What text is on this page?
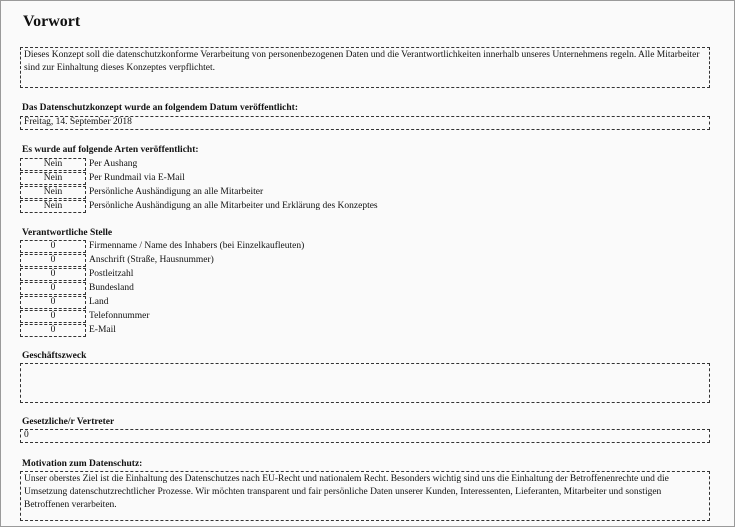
Vorwort
Dieses Konzept soll die datenschutzkonforme Verarbeitung von personenbezogenen Daten und die Verantwortlichkeiten innerhalb unseres Unternehmens regeln. Alle Mitarbeiter sind zur Einhaltung dieses Konzeptes verpflichtet.
Das Datenschutzkonzept wurde an folgendem Datum veröffentlicht:
Freitag, 14. September 2018
Es wurde auf folgende Arten veröffentlicht:
Nein	Per Aushang
Nein	Per Rundmail via E-Mail
Nein	Persönliche Aushändigung an alle Mitarbeiter
Nein	Persönliche Aushändigung an alle Mitarbeiter und Erklärung des Konzeptes
Verantwortliche Stelle
0	Firmenname / Name des Inhabers (bei Einzelkaufleuten)
0	Anschrift (Straße, Hausnummer)
0	Postleitzahl
0	Bundesland
0	Land
0	Telefonnummer
0	E-Mail
Geschäftszweck
Gesetzliche/r Vertreter
0
Motivation zum Datenschutz:
Unser oberstes Ziel ist die Einhaltung des Datenschutzes nach EU-Recht und nationalem Recht. Besonders wichtig sind uns die Einhaltung der Betroffenenrechte und die Umsetzung datenschutzrechtlicher Prozesse. Wir möchten transparent und fair persönliche Daten unserer Kunden, Interessenten, Lieferanten, Mitarbeiter und sonstigen Betroffenen verarbeiten.
